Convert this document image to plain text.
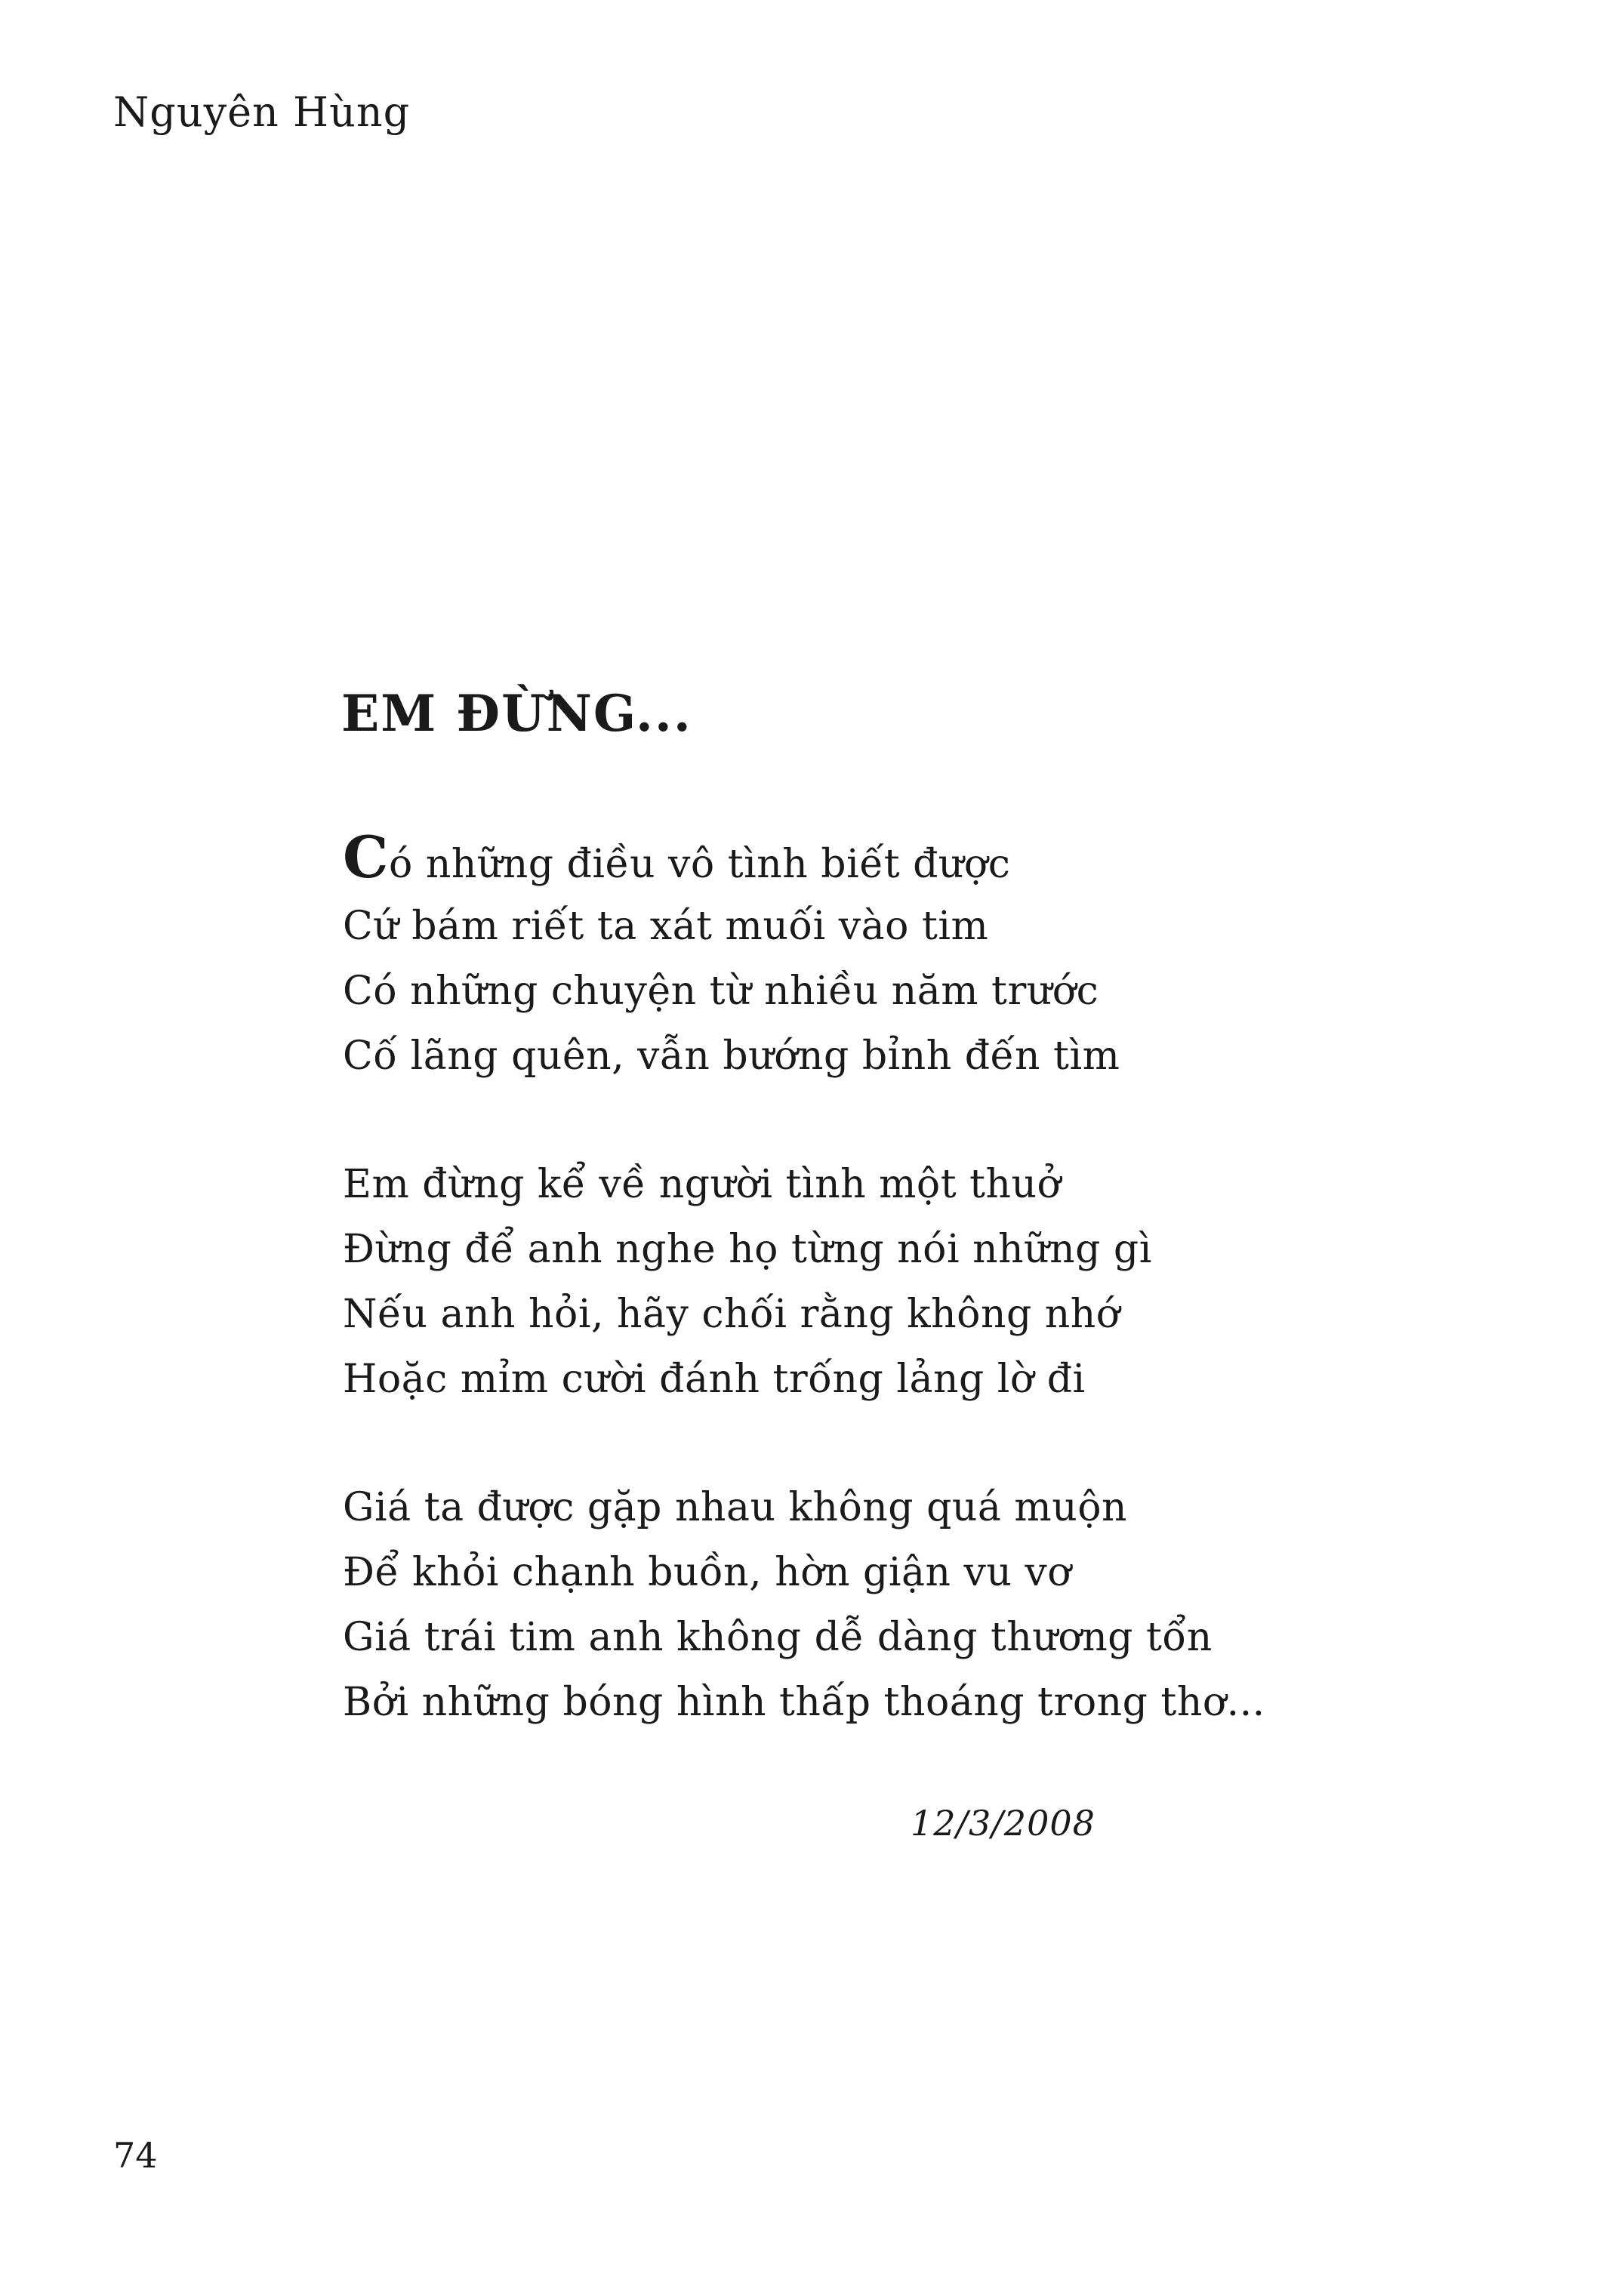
Nguyên Hùng
EM ĐỪNG...
Có những điều vô tình biết được
Cứ bám riết ta xát muối vào tim
Có những chuyện từ nhiều năm trước
Cố lãng quên, vẫn bướng bỉnh đến tìm
Em đừng kể về người tình một thuở
Đừng để anh nghe họ từng nói những gì
Nếu anh hỏi, hãy chối rằng không nhớ
Hoặc mỉm cười đánh trống lảng lờ đi
Giá ta được gặp nhau không quá muộn
Để khỏi chạnh buồn, hờn giận vu vơ
Giá trái tim anh không dễ dàng thương tổn
Bởi những bóng hình thấp thoáng trong thơ...
12/3/2008
74
